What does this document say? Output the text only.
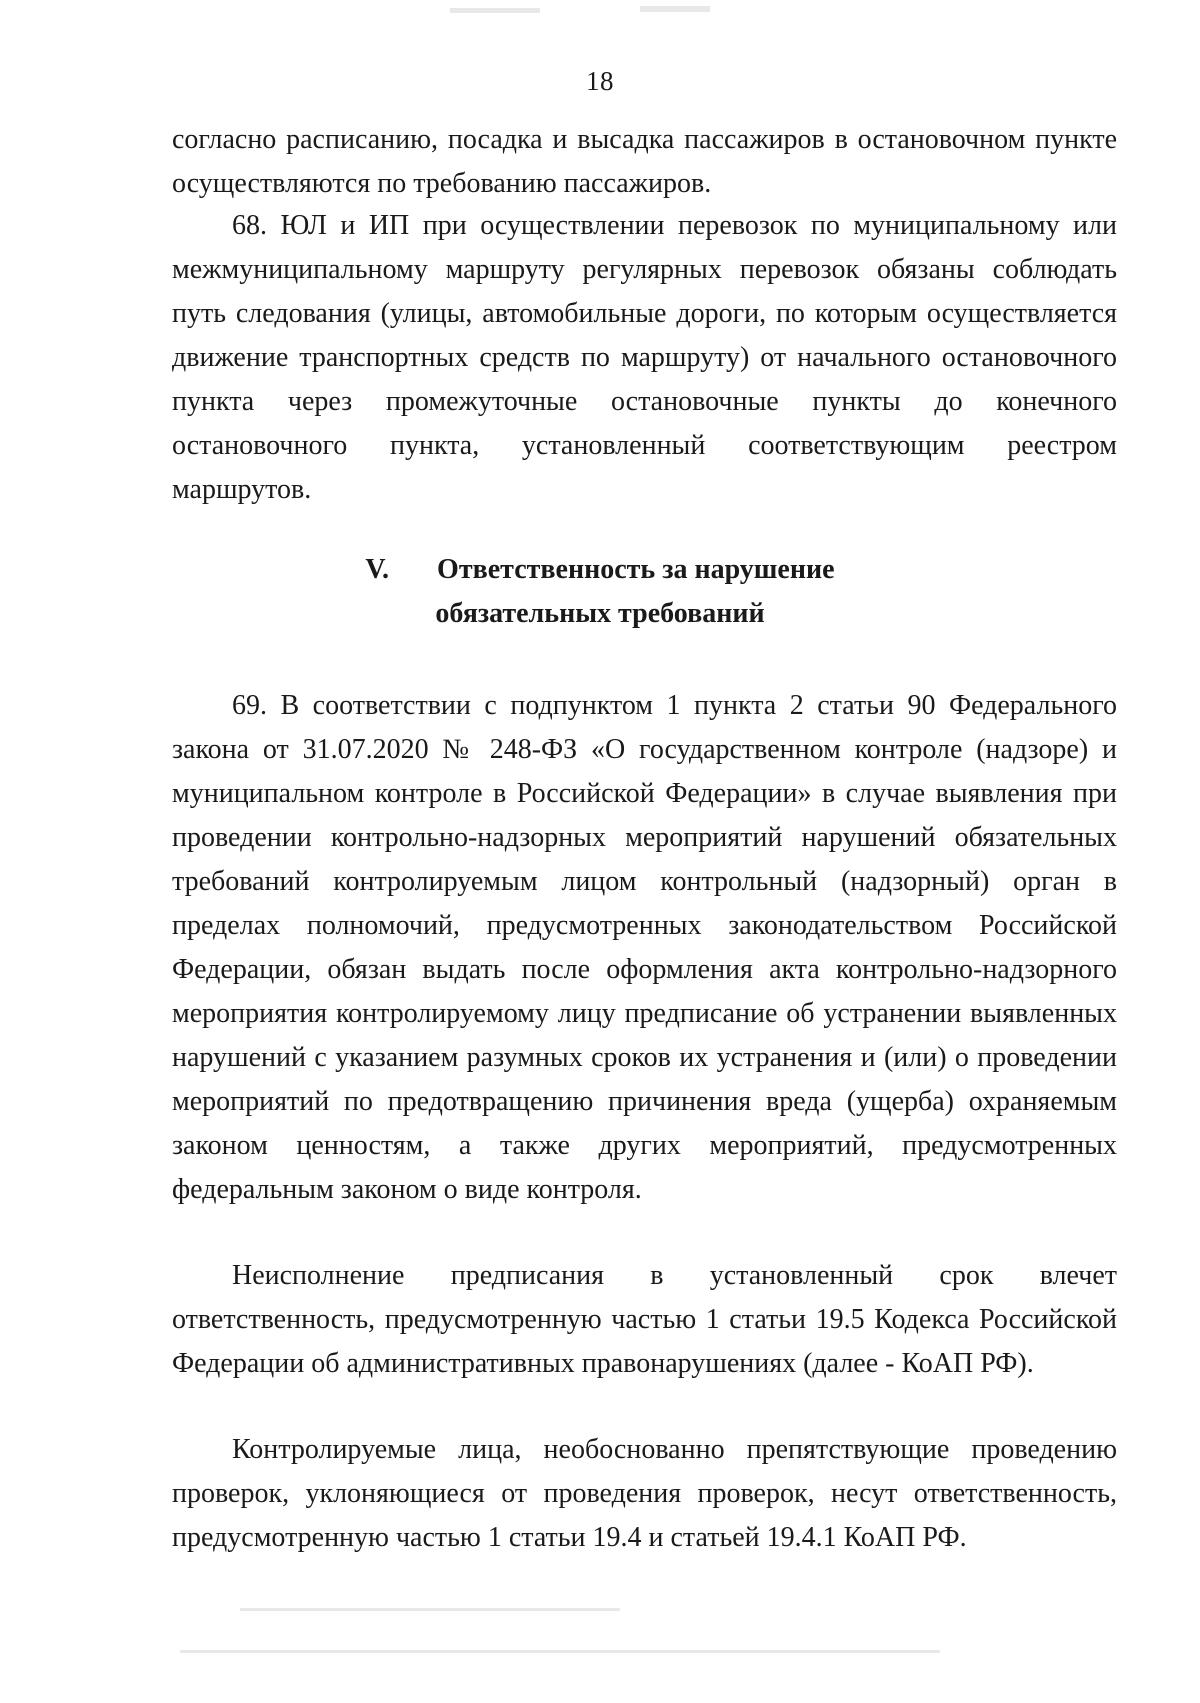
18

согласно расписанию, посадка и высадка пассажиров в остановочном пункте осуществляются по требованию пассажиров.

68. ЮЛ и ИП при осуществлении перевозок по муниципальному или межмуниципальному маршруту регулярных перевозок обязаны соблюдать путь следования (улицы, автомобильные дороги, по которым осуществляется движение транспортных средств по маршруту) от начального остановочного пункта через промежуточные остановочные пункты до конечного остановочного пункта, установленный соответствующим реестром маршрутов.

V. Ответственность за нарушение
обязательных требований

69. В соответствии с подпунктом 1 пункта 2 статьи 90 Федерального закона от 31.07.2020 № 248-ФЗ «О государственном контроле (надзоре) и муниципальном контроле в Российской Федерации» в случае выявления при проведении контрольно-надзорных мероприятий нарушений обязательных требований контролируемым лицом контрольный (надзорный) орган в пределах полномочий, предусмотренных законодательством Российской Федерации, обязан выдать после оформления акта контрольно-надзорного мероприятия контролируемому лицу предписание об устранении выявленных нарушений с указанием разумных сроков их устранения и (или) о проведении мероприятий по предотвращению причинения вреда (ущерба) охраняемым законом ценностям, а также других мероприятий, предусмотренных федеральным законом о виде контроля.

Неисполнение предписания в установленный срок влечет ответственность, предусмотренную частью 1 статьи 19.5 Кодекса Российской Федерации об административных правонарушениях (далее - КоАП РФ).

Контролируемые лица, необоснованно препятствующие проведению проверок, уклоняющиеся от проведения проверок, несут ответственность, предусмотренную частью 1 статьи 19.4 и статьей 19.4.1 КоАП РФ.
